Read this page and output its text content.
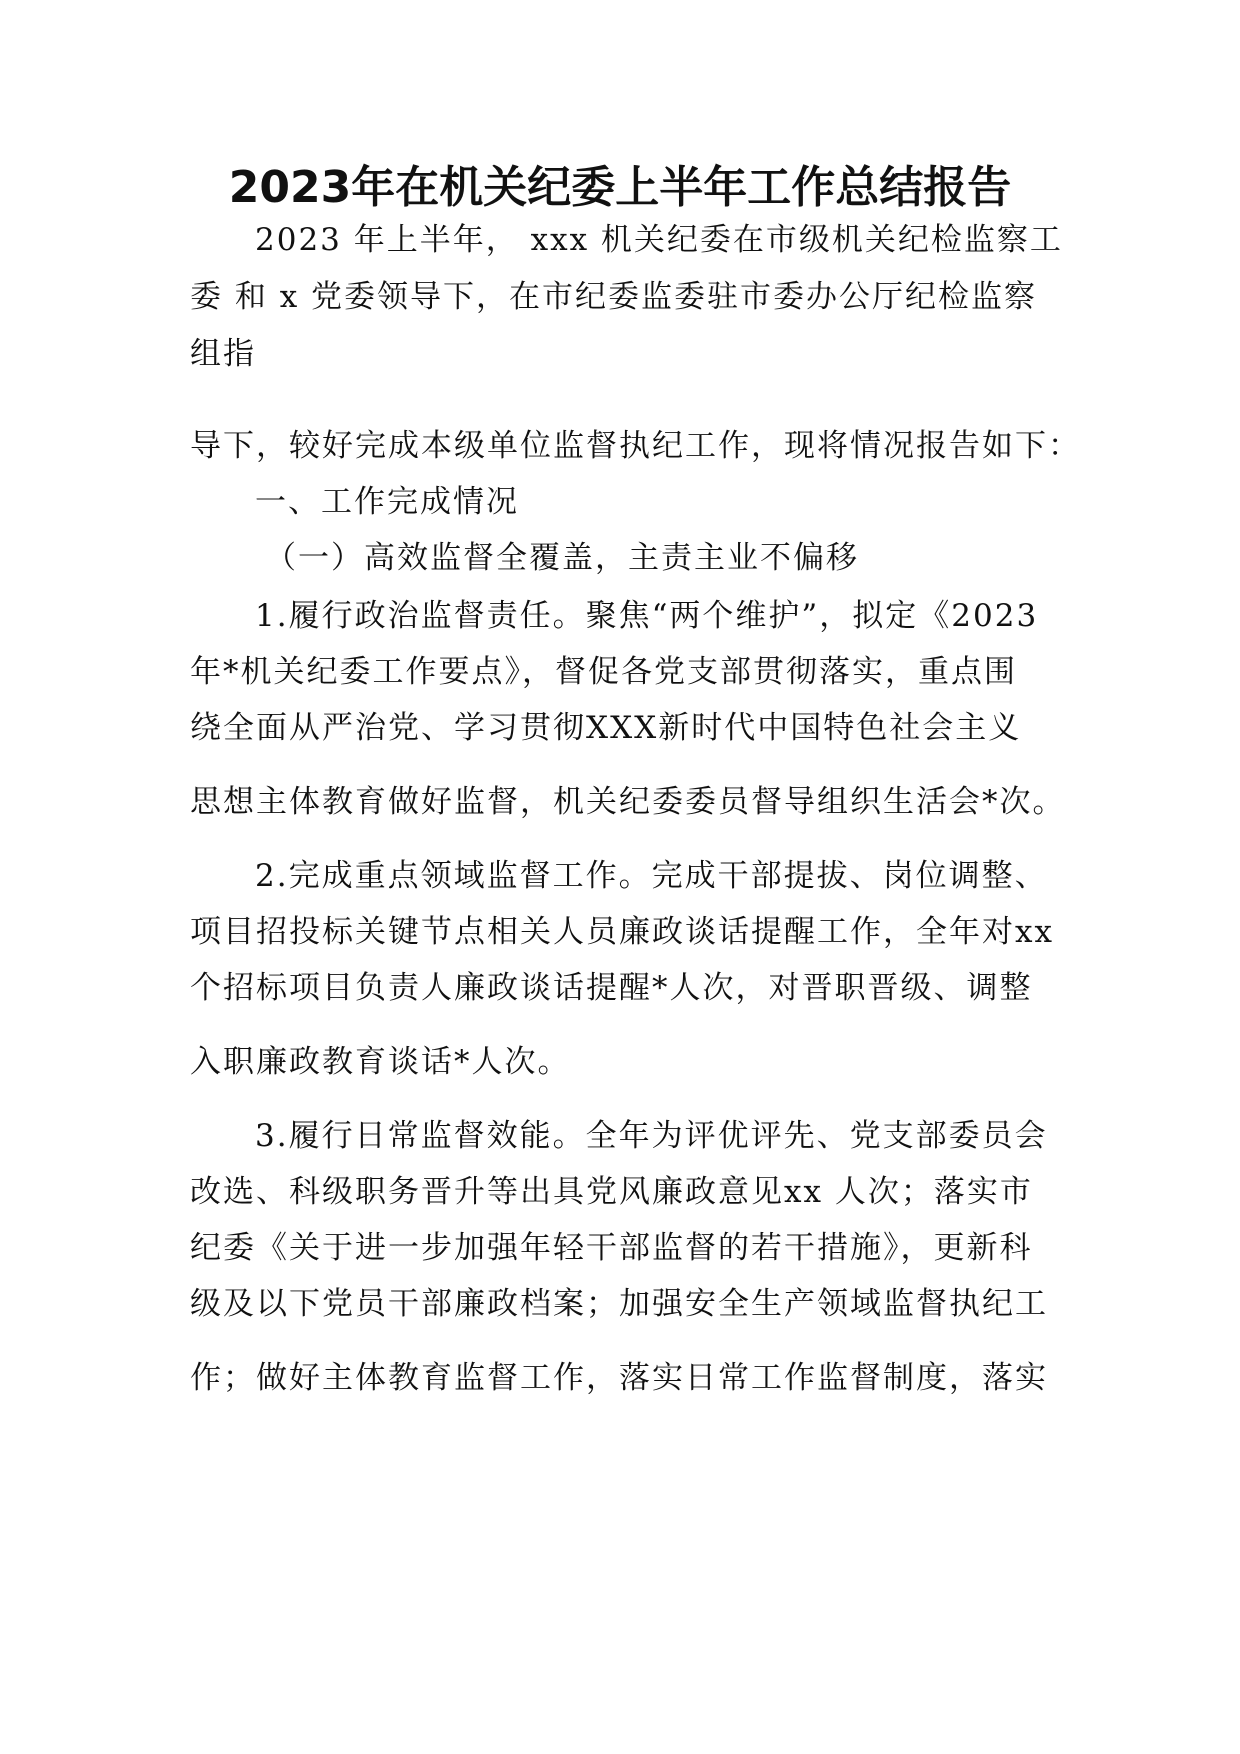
2023年在机关纪委上半年工作总结报告
2023 年上半年， xxx 机关纪委在市级机关纪检监察工
委 和 x 党委领导下，在市纪委监委驻市委办公厅纪检监察
组指
导下，较好完成本级单位监督执纪工作，现将情况报告如下：
一、工作完成情况
（一）高效监督全覆盖，主责主业不偏移
1.履行政治监督责任。聚焦“两个维护”，拟定《2023
年*机关纪委工作要点》，督促各党支部贯彻落实，重点围
绕全面从严治党、学习贯彻XXX新时代中国特色社会主义
思想主体教育做好监督，机关纪委委员督导组织生活会*次。
2.完成重点领域监督工作。完成干部提拔、岗位调整、
项目招投标关键节点相关人员廉政谈话提醒工作，全年对xx
个招标项目负责人廉政谈话提醒*人次，对晋职晋级、调整
入职廉政教育谈话*人次。
3.履行日常监督效能。全年为评优评先、党支部委员会
改选、科级职务晋升等出具党风廉政意见xx 人次；落实市
纪委《关于进一步加强年轻干部监督的若干措施》，更新科
级及以下党员干部廉政档案；加强安全生产领域监督执纪工
作；做好主体教育监督工作，落实日常工作监督制度，落实
